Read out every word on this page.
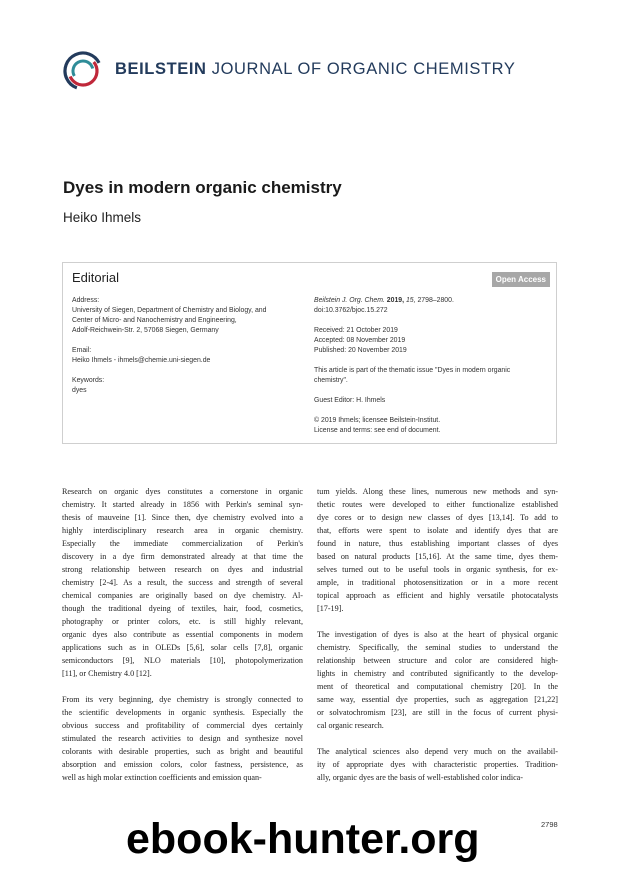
BEILSTEIN JOURNAL OF ORGANIC CHEMISTRY
Dyes in modern organic chemistry
Heiko Ihmels
Editorial	Open Access
Address:
University of Siegen, Department of Chemistry and Biology, and
Center of Micro- and Nanochemistry and Engineering,
Adolf-Reichwein-Str. 2, 57068 Siegen, Germany
Email:
Heiko Ihmels - ihmels@chemie.uni-siegen.de
Keywords:
dyes
Beilstein J. Org. Chem. 2019, 15, 2798–2800.
doi:10.3762/bjoc.15.272
Received: 21 October 2019
Accepted: 08 November 2019
Published: 20 November 2019
This article is part of the thematic issue "Dyes in modern organic
chemistry".
Guest Editor: H. Ihmels
© 2019 Ihmels; licensee Beilstein-Institut.
License and terms: see end of document.

Research on organic dyes constitutes a cornerstone in organic
chemistry. It started already in 1856 with Perkin's seminal syn-
thesis of mauveine [1]. Since then, dye chemistry evolved into a
highly interdisciplinary research area in organic chemistry.
Especially the immediate commercialization of Perkin's
discovery in a dye firm demonstrated already at that time the
strong relationship between research on dyes and industrial
chemistry [2-4]. As a result, the success and strength of several
chemical companies are originally based on dye chemistry. Al-
though the traditional dyeing of textiles, hair, food, cosmetics,
photography or printer colors, etc. is still highly relevant,
organic dyes also contribute as essential components in modern
applications such as in OLEDs [5,6], solar cells [7,8], organic
semiconductors [9], NLO materials [10], photopolymerization
[11], or Chemistry 4.0 [12].

From its very beginning, dye chemistry is strongly connected to
the scientific developments in organic synthesis. Especially the
obvious success and profitability of commercial dyes certainly
stimulated the research activities to design and synthesize novel
colorants with desirable properties, such as bright and beautiful
absorption and emission colors, color fastness, persistence, as
well as high molar extinction coefficients and emission quan-

tum yields. Along these lines, numerous new methods and syn-
thetic routes were developed to either functionalize established
dye cores or to design new classes of dyes [13,14]. To add to
that, efforts were spent to isolate and identify dyes that are
found in nature, thus establishing important classes of dyes
based on natural products [15,16]. At the same time, dyes them-
selves turned out to be useful tools in organic synthesis, for ex-
ample, in traditional photosensitization or in a more recent
topical approach as efficient and highly versatile photocatalysts
[17-19].

The investigation of dyes is also at the heart of physical organic
chemistry. Specifically, the seminal studies to understand the
relationship between structure and color are considered high-
lights in chemistry and contributed significantly to the develop-
ment of theoretical and computational chemistry [20]. In the
same way, essential dye properties, such as aggregation [21,22]
or solvatochromism [23], are still in the focus of current physi-
cal organic research.

The analytical sciences also depend very much on the availabil-
ity of appropriate dyes with characteristic properties. Tradition-
ally, organic dyes are the basis of well-established color indica-

ebook-hunter.org	2798
